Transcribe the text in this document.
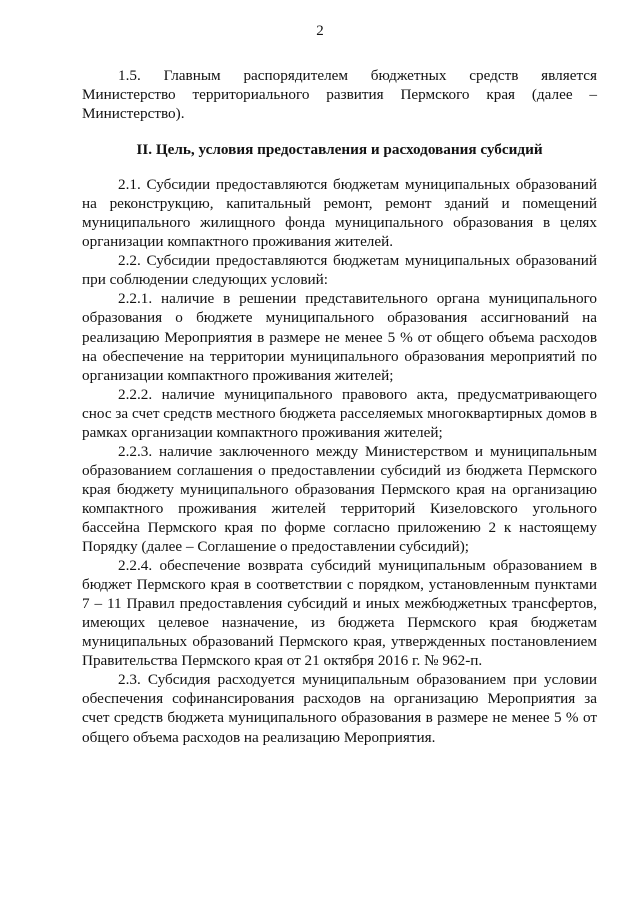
2

1.5. Главным распорядителем бюджетных средств является Министерство территориального развития Пермского края (далее – Министерство).

II. Цель, условия предоставления и расходования субсидий

2.1. Субсидии предоставляются бюджетам муниципальных образований на реконструкцию, капитальный ремонт, ремонт зданий и помещений муниципального жилищного фонда муниципального образования в целях организации компактного проживания жителей.

2.2. Субсидии предоставляются бюджетам муниципальных образований при соблюдении следующих условий:

2.2.1. наличие в решении представительного органа муниципального образования о бюджете муниципального образования ассигнований на реализацию Мероприятия в размере не менее 5 % от общего объема расходов на обеспечение на территории муниципального образования мероприятий по организации компактного проживания жителей;

2.2.2. наличие муниципального правового акта, предусматривающего снос за счет средств местного бюджета расселяемых многоквартирных домов в рамках организации компактного проживания жителей;

2.2.3. наличие заключенного между Министерством и муниципальным образованием соглашения о предоставлении субсидий из бюджета Пермского края бюджету муниципального образования Пермского края на организацию компактного проживания жителей территорий Кизеловского угольного бассейна Пермского края по форме согласно приложению 2 к настоящему Порядку (далее – Соглашение о предоставлении субсидий);

2.2.4. обеспечение возврата субсидий муниципальным образованием в бюджет Пермского края в соответствии с порядком, установленным пунктами 7 – 11 Правил предоставления субсидий и иных межбюджетных трансфертов, имеющих целевое назначение, из бюджета Пермского края бюджетам муниципальных образований Пермского края, утвержденных постановлением Правительства Пермского края от 21 октября 2016 г. № 962-п.

2.3. Субсидия расходуется муниципальным образованием при условии обеспечения софинансирования расходов на организацию Мероприятия за счет средств бюджета муниципального образования в размере не менее 5 % от общего объема расходов на реализацию Мероприятия.
